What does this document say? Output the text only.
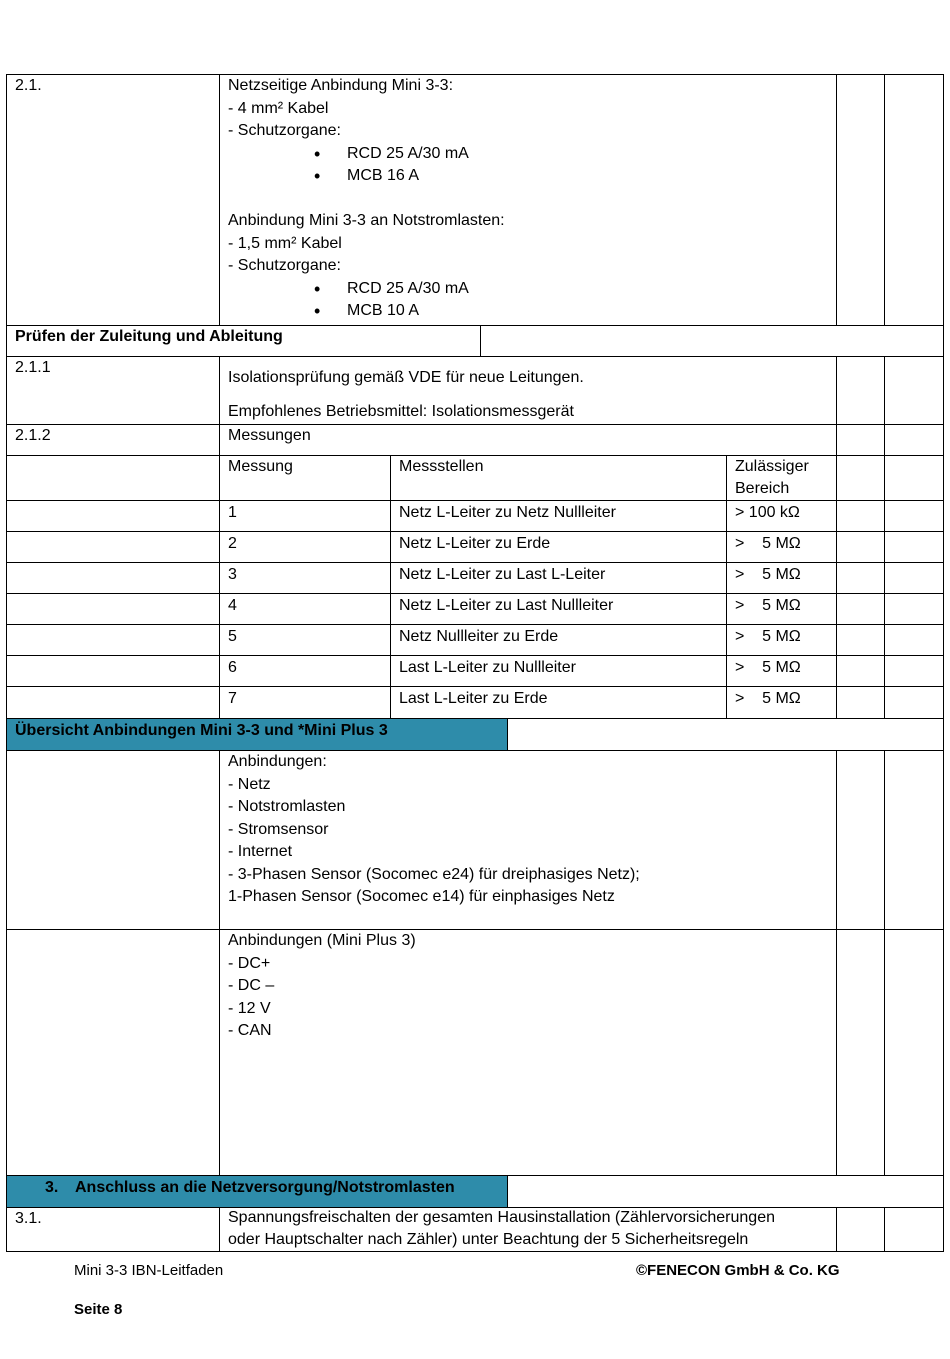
2.1.	Netzseitige Anbindung Mini 3-3:
- 4 mm² Kabel
- Schutzorgane:
• RCD 25 A/30 mA
• MCB 16 A
Anbindung Mini 3-3 an Notstromlasten:
- 1,5 mm² Kabel
- Schutzorgane:
• RCD 25 A/30 mA
• MCB 10 A
Prüfen der Zuleitung und Ableitung
2.1.1
Isolationsprüfung gemäß VDE für neue Leitungen.
Empfohlenes Betriebsmittel: Isolationsmessgerät
2.1.2	Messungen
Messung	Messstellen	Zulässiger
Bereich
1	Netz L-Leiter zu Netz Nullleiter	> 100 kΩ
2	Netz L-Leiter zu Erde	>    5 MΩ
3	Netz L-Leiter zu Last L-Leiter	>    5 MΩ
4	Netz L-Leiter zu Last Nullleiter	>    5 MΩ
5	Netz Nullleiter zu Erde	>    5 MΩ
6	Last L-Leiter zu Nullleiter	>    5 MΩ
7	Last L-Leiter zu Erde	>    5 MΩ
Übersicht Anbindungen Mini 3-3 und *Mini Plus 3
Anbindungen:
- Netz
- Notstromlasten
- Stromsensor
- Internet
- 3-Phasen Sensor (Socomec e24) für dreiphasiges Netz);
1-Phasen Sensor (Socomec e14) für einphasiges Netz
Anbindungen (Mini Plus 3)
- DC+
- DC –
- 12 V
- CAN
3. Anschluss an die Netzversorgung/Notstromlasten
3.1.	Spannungsfreischalten der gesamten Hausinstallation (Zählervorsicherungen
oder Hauptschalter nach Zähler) unter Beachtung der 5 Sicherheitsregeln
Mini 3-3 IBN-Leitfaden	©FENECON GmbH & Co. KG
Seite 8
